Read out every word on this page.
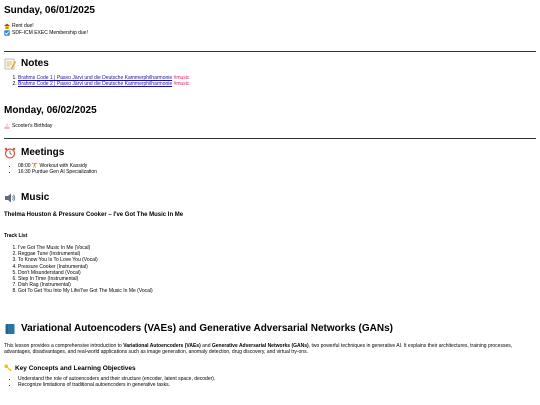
Sunday, 06/01/2025
Rent due!
SDF-ICM EXEC Membership due!
Notes
1. Brahms Code 1 | Paavo Järvi und die Deutsche Kammerphilharmonie #music
2. Brahms Code 2 | Paavo Järvi und die Deutsche Kammerphilharmonie #music
Monday, 06/02/2025
Scooter's Birthday
Meetings
• 08:00 🏋 Workout with Kassidy
• 16:30 Purdue Gen AI Specialization
Music

Thelma Houston & Pressure Cooker – I've Got The Music In Me

Track List

1. I've Got The Music In Me (Vocal)
2. Reggae Tune (Instrumental)
3. To Know You Is To Love You (Vocal)
4. Pressure Cooker (Instrumental)
5. Don't Misunderstand (Vocal)
6. Step In Time (Instrumental)
7. Dish Rag (Instrumental)
8. Got To Get You Into My Life/I've Got The Music In Me (Vocal)
Variational Autoencoders (VAEs) and Generative Adversarial Networks (GANs)

This lesson provides a comprehensive introduction to Variational Autoencoders (VAEs) and Generative Adversarial Networks (GANs), two powerful techniques in generative AI. It explains their architectures, training processes, advantages, disadvantages, and real-world applications such as image generation, anomaly detection, drug discovery, and virtual try-ons.

Key Concepts and Learning Objectives
• Understand the role of autoencoders and their structure (encoder, latent space, decoder).
• Recognize limitations of traditional autoencoders in generative tasks.
